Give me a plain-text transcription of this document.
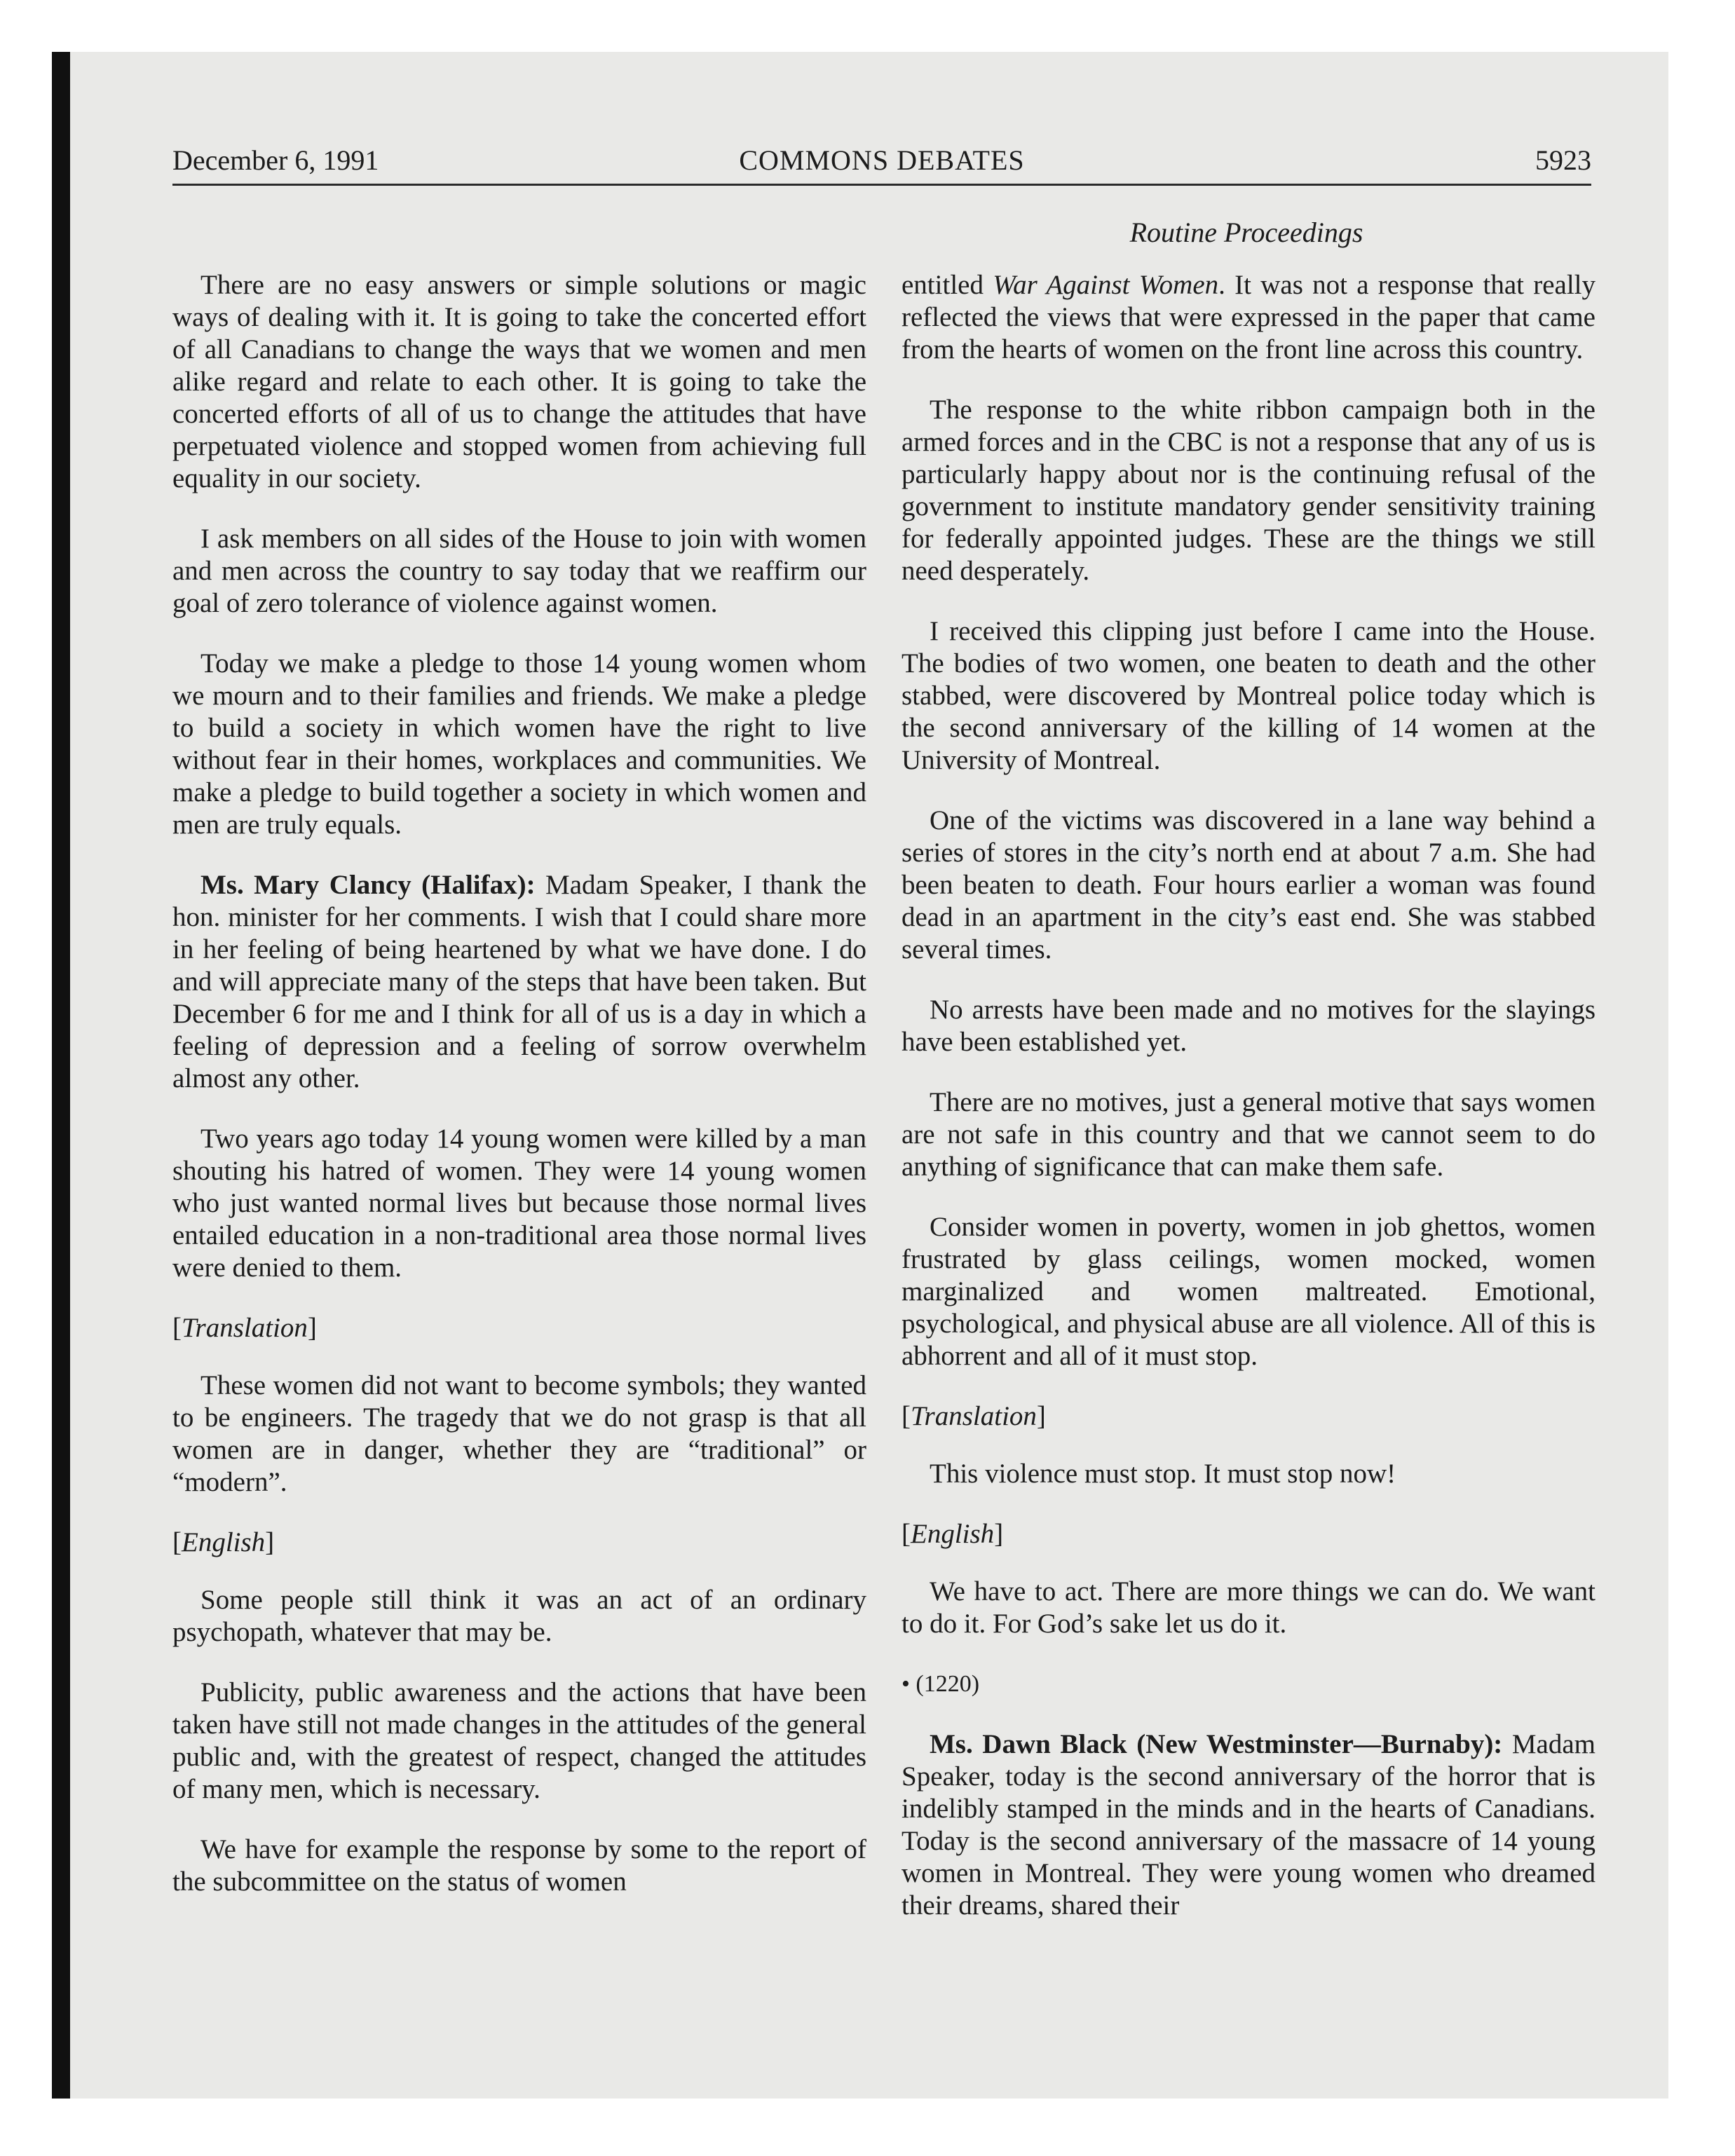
December 6, 1991	COMMONS DEBATES	5923
Routine Proceedings

There are no easy answers or simple solutions or magic ways of dealing with it. It is going to take the concerted effort of all Canadians to change the ways that we women and men alike regard and relate to each other. It is going to take the concerted efforts of all of us to change the attitudes that have perpetuated violence and stopped women from achieving full equality in our society.

I ask members on all sides of the House to join with women and men across the country to say today that we reaffirm our goal of zero tolerance of violence against women.

Today we make a pledge to those 14 young women whom we mourn and to their families and friends. We make a pledge to build a society in which women have the right to live without fear in their homes, workplaces and communities. We make a pledge to build together a society in which women and men are truly equals.

Ms. Mary Clancy (Halifax): Madam Speaker, I thank the hon. minister for her comments. I wish that I could share more in her feeling of being heartened by what we have done. I do and will appreciate many of the steps that have been taken. But December 6 for me and I think for all of us is a day in which a feeling of depression and a feeling of sorrow overwhelm almost any other.

Two years ago today 14 young women were killed by a man shouting his hatred of women. They were 14 young women who just wanted normal lives but because those normal lives entailed education in a non-traditional area those normal lives were denied to them.

[Translation]

These women did not want to become symbols; they wanted to be engineers. The tragedy that we do not grasp is that all women are in danger, whether they are “traditional” or “modern”.

[English]

Some people still think it was an act of an ordinary psychopath, whatever that may be.

Publicity, public awareness and the actions that have been taken have still not made changes in the attitudes of the general public and, with the greatest of respect, changed the attitudes of many men, which is necessary.

We have for example the response by some to the report of the subcommittee on the status of women

entitled War Against Women. It was not a response that really reflected the views that were expressed in the paper that came from the hearts of women on the front line across this country.

The response to the white ribbon campaign both in the armed forces and in the CBC is not a response that any of us is particularly happy about nor is the continuing refusal of the government to institute mandatory gender sensitivity training for federally appointed judges. These are the things we still need desperately.

I received this clipping just before I came into the House. The bodies of two women, one beaten to death and the other stabbed, were discovered by Montreal police today which is the second anniversary of the killing of 14 women at the University of Montreal.

One of the victims was discovered in a lane way behind a series of stores in the city’s north end at about 7 a.m. She had been beaten to death. Four hours earlier a woman was found dead in an apartment in the city’s east end. She was stabbed several times.

No arrests have been made and no motives for the slayings have been established yet.

There are no motives, just a general motive that says women are not safe in this country and that we cannot seem to do anything of significance that can make them safe.

Consider women in poverty, women in job ghettos, women frustrated by glass ceilings, women mocked, women marginalized and women maltreated. Emotional, psychological, and physical abuse are all violence. All of this is abhorrent and all of it must stop.

[Translation]

This violence must stop. It must stop now!

[English]

We have to act. There are more things we can do. We want to do it. For God’s sake let us do it.

• (1220)

Ms. Dawn Black (New Westminster—Burnaby): Madam Speaker, today is the second anniversary of the horror that is indelibly stamped in the minds and in the hearts of Canadians. Today is the second anniversary of the massacre of 14 young women in Montreal. They were young women who dreamed their dreams, shared their
